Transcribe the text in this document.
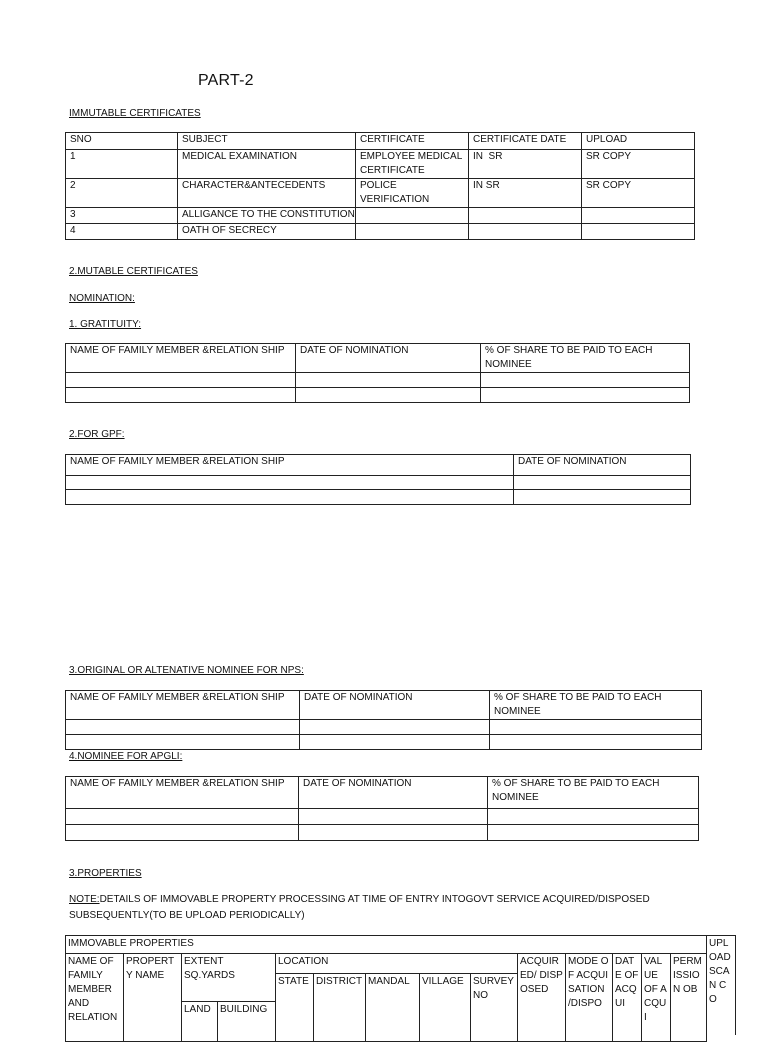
PART-2
IMMUTABLE CERTIFICATES
SNO	SUBJECT	CERTIFICATE	CERTIFICATE DATE	UPLOAD
1	MEDICAL EXAMINATION	EMPLOYEE MEDICAL CERTIFICATE	IN  SR	SR COPY
2	CHARACTER&ANTECEDENTS	POLICE VERIFICATION	IN SR	SR COPY
3	ALLIGANCE TO THE CONSTITUTION			
4	OATH OF SECRECY			
2.MUTABLE CERTIFICATES
NOMINATION:
1. GRATITUITY:
NAME OF FAMILY MEMBER &RELATION SHIP	DATE OF NOMINATION	% OF SHARE TO BE PAID TO EACH NOMINEE

2.FOR GPF:
NAME OF FAMILY MEMBER &RELATION SHIP	DATE OF NOMINATION

3.ORIGINAL OR ALTENATIVE NOMINEE FOR NPS:
NAME OF FAMILY MEMBER &RELATION SHIP	DATE OF NOMINATION	% OF SHARE TO BE PAID TO EACH NOMINEE

4.NOMINEE FOR APGLI:
NAME OF FAMILY MEMBER &RELATION SHIP	DATE OF NOMINATION	% OF SHARE TO BE PAID TO EACH NOMINEE

3.PROPERTIES
NOTE:DETAILS OF IMMOVABLE PROPERTY PROCESSING AT TIME OF ENTRY INTOGOVT SERVICE ACQUIRED/DISPOSED SUBSEQUENTLY(TO BE UPLOAD PERIODICALLY)
IMMOVABLE PROPERTIES													
NAME OF FAMILY MEMBER AND RELATION	PROPERTY NAME	EXTENT SQ.YARDS		LOCATION					ACQUIRED/ DISPOSED	MODE OF ACQUISATION /DISPO	DATE OF ACQUI	VALUE OF ACQUI	PERMISSION OB
				STATE	DISTRICT	MANDAL	VILLAGE	SURVEY NO					
		LAND	BUILDING										
UPLOAD SCAN CO
